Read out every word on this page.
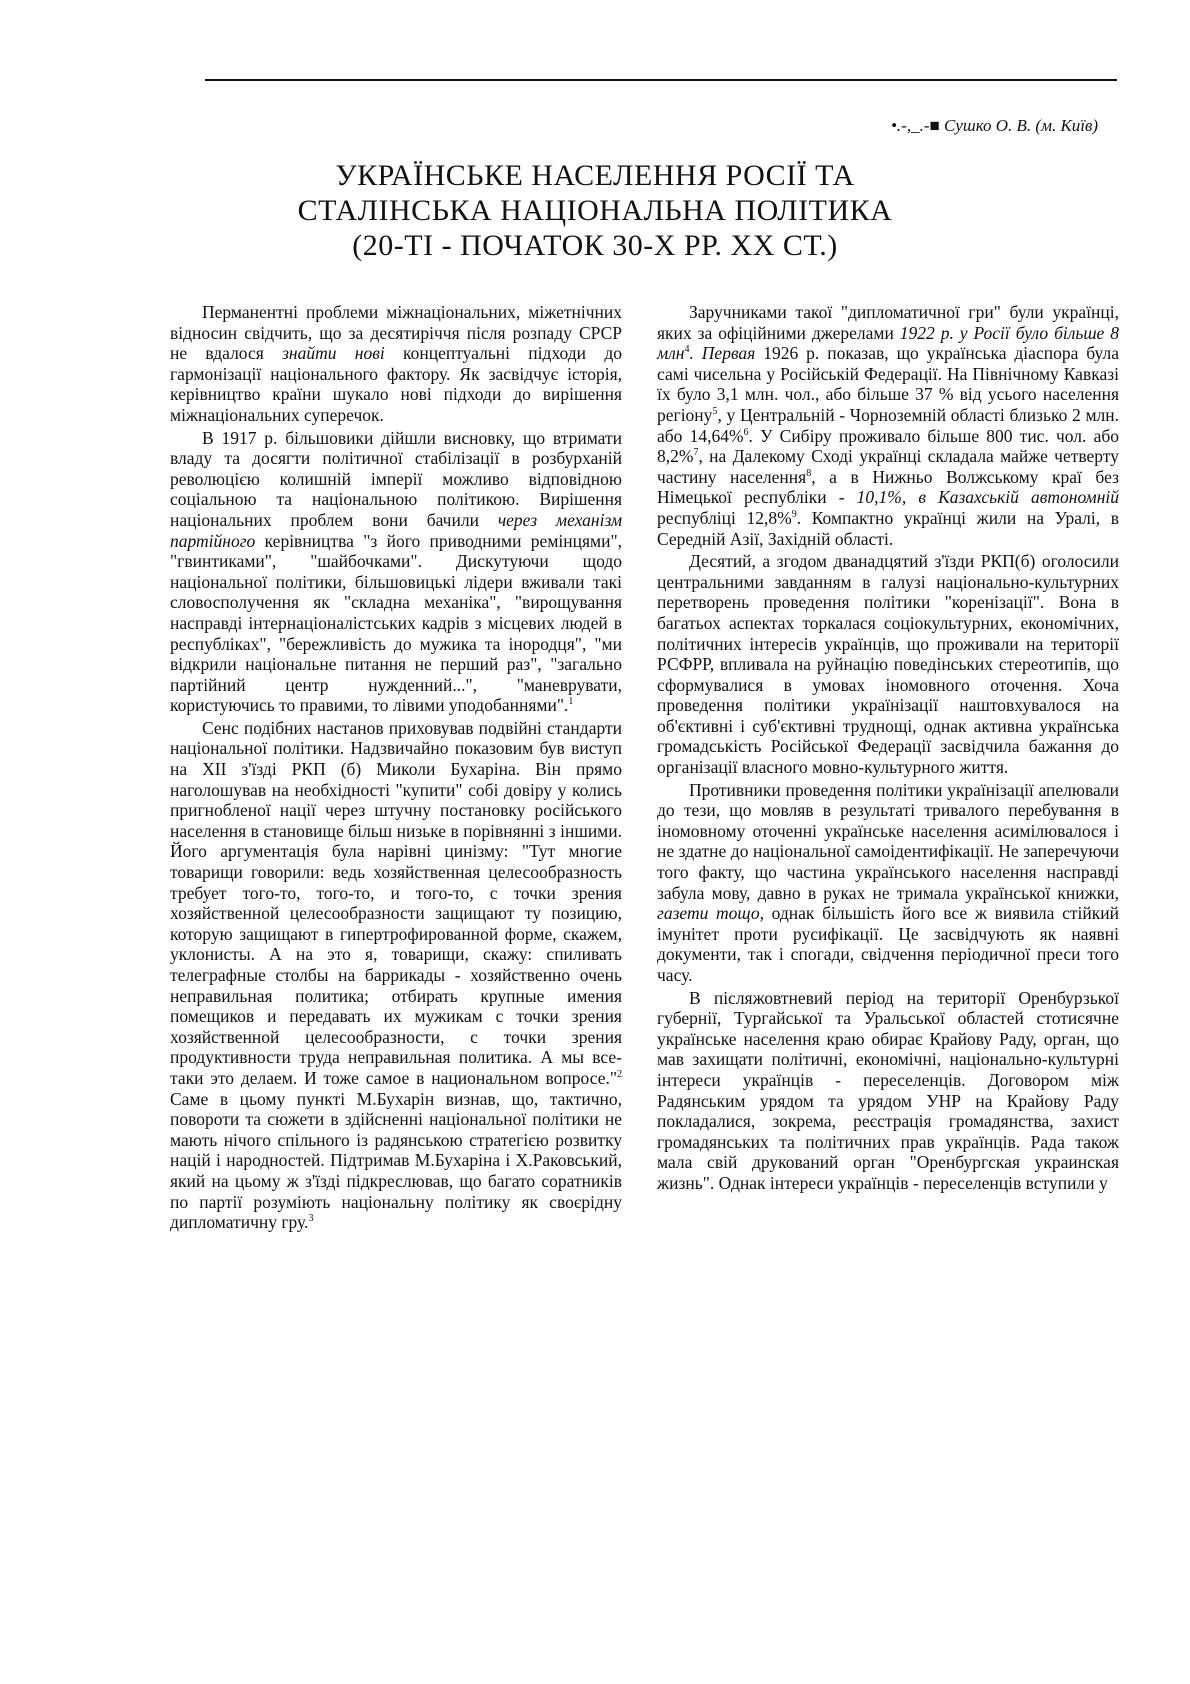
•.-,_.-■ Сушко О. В. (м. Київ)
УКРАЇНСЬКЕ НАСЕЛЕННЯ РОСІЇ ТА
СТАЛІНСЬКА НАЦІОНАЛЬНА ПОЛІТИКА
(20-ТІ - ПОЧАТОК 30-Х РР. ХХ СТ.)

Перманентні проблеми міжнаціональних, міжетнічних відносин свідчить, що за десятиріччя після розпаду СРСР не вдалося знайти нові концептуальні підходи до гармонізації національного фактору. Як засвідчує історія, керівництво країни шукало нові підходи до вирішення міжнаціональних суперечок.

В 1917 р. більшовики дійшли висновку, що втримати владу та досягти політичної стабілізації в розбурханій революцією колишній імперії можливо відповідною соціальною та національною політикою. Вирішення національних проблем вони бачили через механізм партійного керівництва "з його приводними ремінцями", "гвинтиками", "шайбочками". Дискутуючи щодо національної політики, більшовицькі лідери вживали такі словосполучення як "складна механіка", "вирощування насправді інтернаціоналістських кадрів з місцевих людей в республіках", "бережливість до мужика та інородця", "ми відкрили національне питання не перший раз", "загально партійний центр нужденний...", "маневрувати, користуючись то правими, то лівими уподобаннями".$^1$

Сенс подібних настанов приховував подвійні стандарти національної політики. Надзвичайно показовим був виступ на XII з'їзді РКП (б) Миколи Бухаріна. Він прямо наголошував на необхідності "купити" собі довіру у колись пригнобленої нації через штучну постановку російського населення в становище більш низьке в порівнянні з іншими. Його аргументація була нарівні цинізму: "Тут многие товарищи говорили: ведь хозяйственная целесообразность требует того-то, того-то, и того-то, с точки зрения хозяйственной целесообразности защищают ту позицию, которую защищают в гипертрофированной форме, скажем, уклонисты. А на это я, товарищи, скажу: спиливать телеграфные столбы на баррикады - хозяйственно очень неправильная политика; отбирать крупные имения помещиков и передавать их мужикам с точки зрения хозяйственной целесообразности, с точки зрения продуктивности труда неправильная политика. А мы все-таки это делаем. И тоже самое в национальном вопросе."$^2$ Саме в цьому пункті М.Бухарін визнав, що, тактично, повороти та сюжети в здійсненні національної політики не мають нічого спільного із радянською стратегією розвитку націй і народностей. Підтримав М.Бухаріна і Х.Раковський, який на цьому ж з'їзді підкреслював, що багато соратників по партії розуміють національну політику як своєрідну дипломатичну гру.$^3$

Заручниками такої "дипломатичної гри" були українці, яких за офіційними джерелами 1922 р. у Росії було більше 8 млн$^4$. Первая 1926 р. показав, що українська діаспора була самі чисельна у Російській Федерації. На Північному Кавказі їх було 3,1 млн. чол., або більше 37 % від усього населення регіону$^5$, у Центральній - Чорноземній області близько 2 млн. або 14,64%$^6$. У Сибіру проживало більше 800 тис. чол. або 8,2%$^7$, на Далекому Сході українці складала майже четверту частину населення$^8$, а в Нижньо Волжському краї без Німецької республіки - 10,1%, в Казахській автономній республіці 12,8%$^9$. Компактно українці жили на Уралі, в Середній Азії, Західній області.

Десятий, а згодом дванадцятий з'їзди РКП(б) оголосили центральними завданням в галузі національно-культурних перетворень проведення політики "коренізації". Вона в багатьох аспектах торкалася соціокультурних, економічних, політичних інтересів українців, що проживали на території РСФРР, впливала на руйнацію поведінських стереотипів, що сформувалися в умовах іномовного оточення. Хоча проведення політики українізації наштовхувалося на об'єктивні і суб'єктивні труднощі, однак активна українська громадськість Російської Федерації засвідчила бажання до організації власного мовно-культурного життя.

Противники проведення політики українізації апелювали до тези, що мовляв в результаті тривалого перебування в іномовному оточенні українське населення асимілювалося і не здатне до національної самоідентифікації. Не заперечуючи того факту, що частина українського населення насправді забула мову, давно в руках не тримала української книжки, газети тощо, однак більшість його все ж виявила стійкий імунітет проти русифікації. Це засвідчують як наявні документи, так і спогади, свідчення періодичної преси того часу.

В післяжовтневий період на території Оренбурзької губернії, Тургайської та Уральської областей стотисячне українське населення краю обирає Крайову Раду, орган, що мав захищати політичні, економічні, національно-культурні інтереси українців - переселенців. Договором між Радянським урядом та урядом УНР на Крайову Раду покладалися, зокрема, реєстрація громадянства, захист громадянських та політичних прав українців. Рада також мала свій друкований орган "Оренбургская украинская жизнь". Однак інтереси українців - переселенців вступили у
